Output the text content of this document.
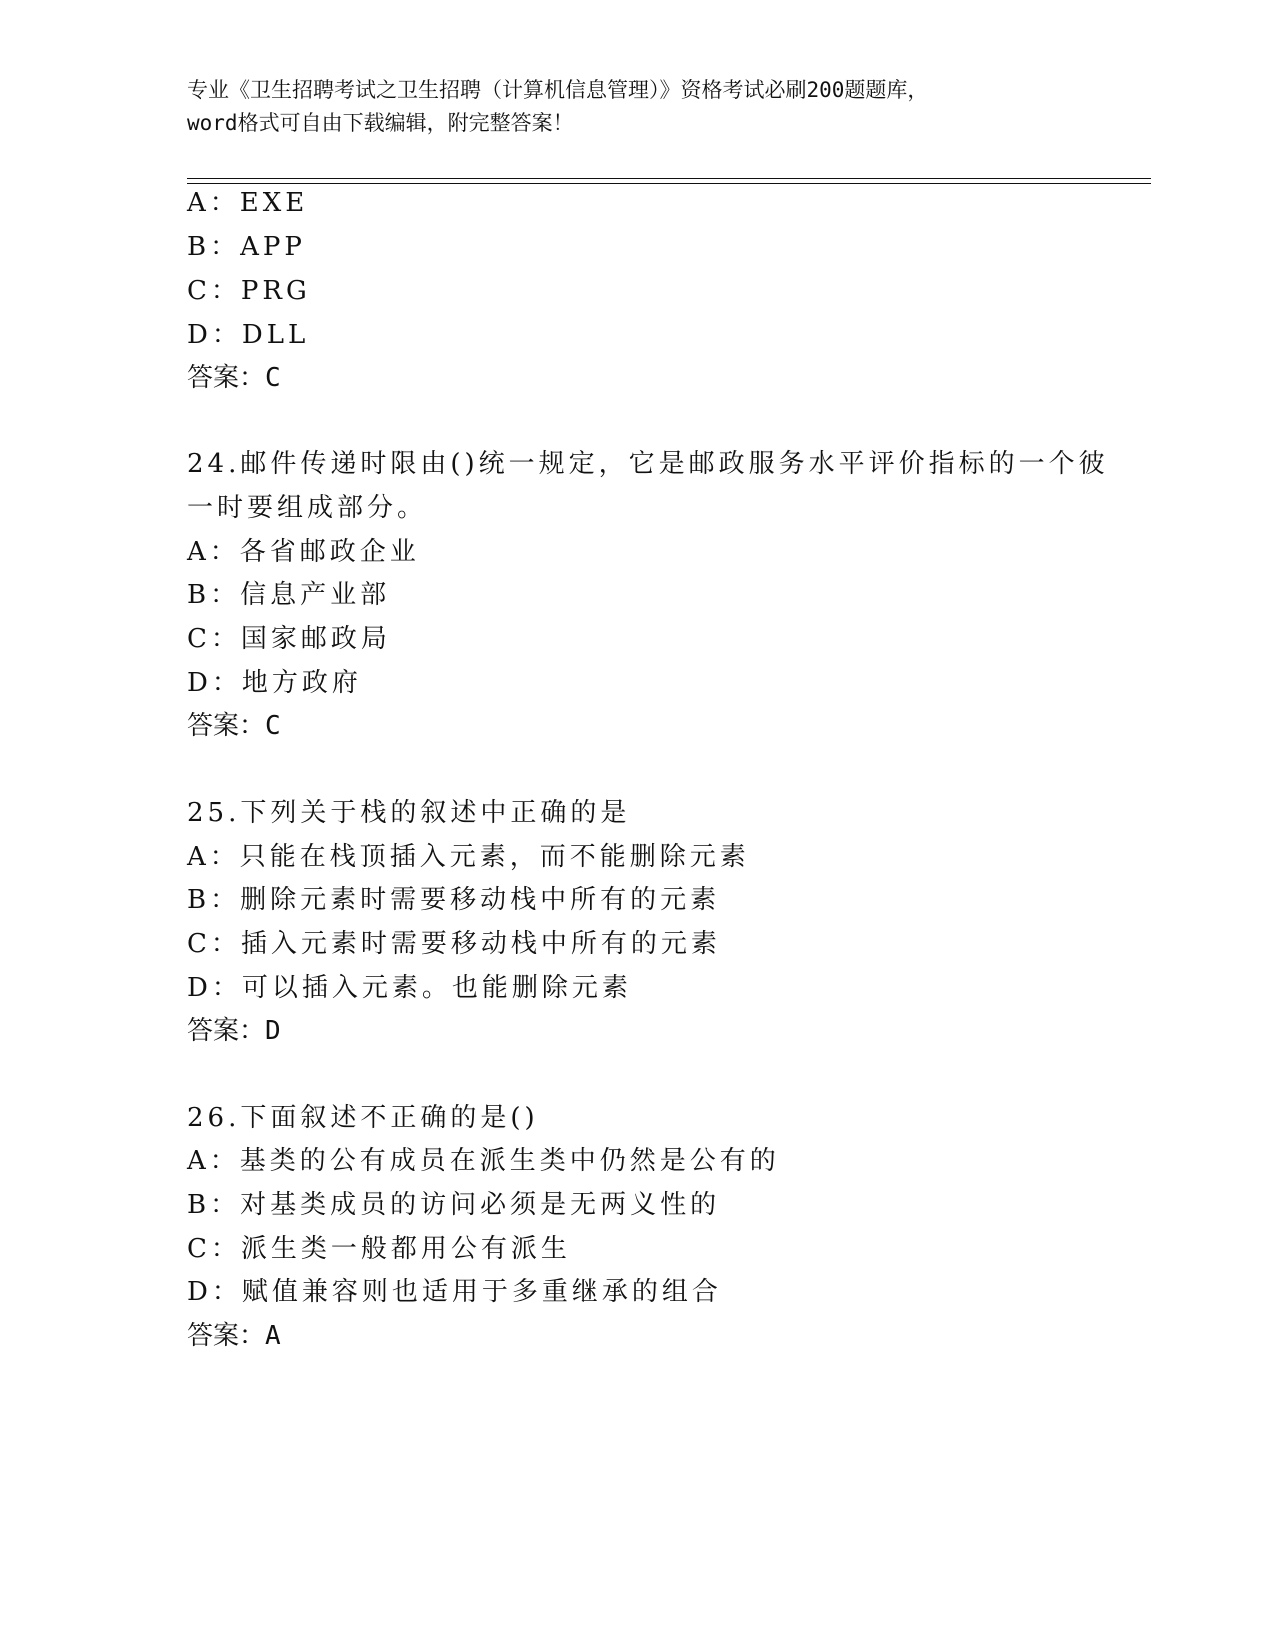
专业《卫生招聘考试之卫生招聘（计算机信息管理）》资格考试必刷200题题库，
word格式可自由下载编辑，附完整答案！
A：EXE
B：APP
C：PRG
D：DLL
答案：C
24.邮件传递时限由()统一规定，它是邮政服务水平评价指标的一个彼
一时要组成部分。
A：各省邮政企业
B：信息产业部
C：国家邮政局
D：地方政府
答案：C
25.下列关于栈的叙述中正确的是
A：只能在栈顶插入元素，而不能删除元素
B：删除元素时需要移动栈中所有的元素
C：插入元素时需要移动栈中所有的元素
D：可以插入元素。也能删除元素
答案：D
26.下面叙述不正确的是()
A：基类的公有成员在派生类中仍然是公有的
B：对基类成员的访问必须是无两义性的
C：派生类一般都用公有派生
D：赋值兼容则也适用于多重继承的组合
答案：A
